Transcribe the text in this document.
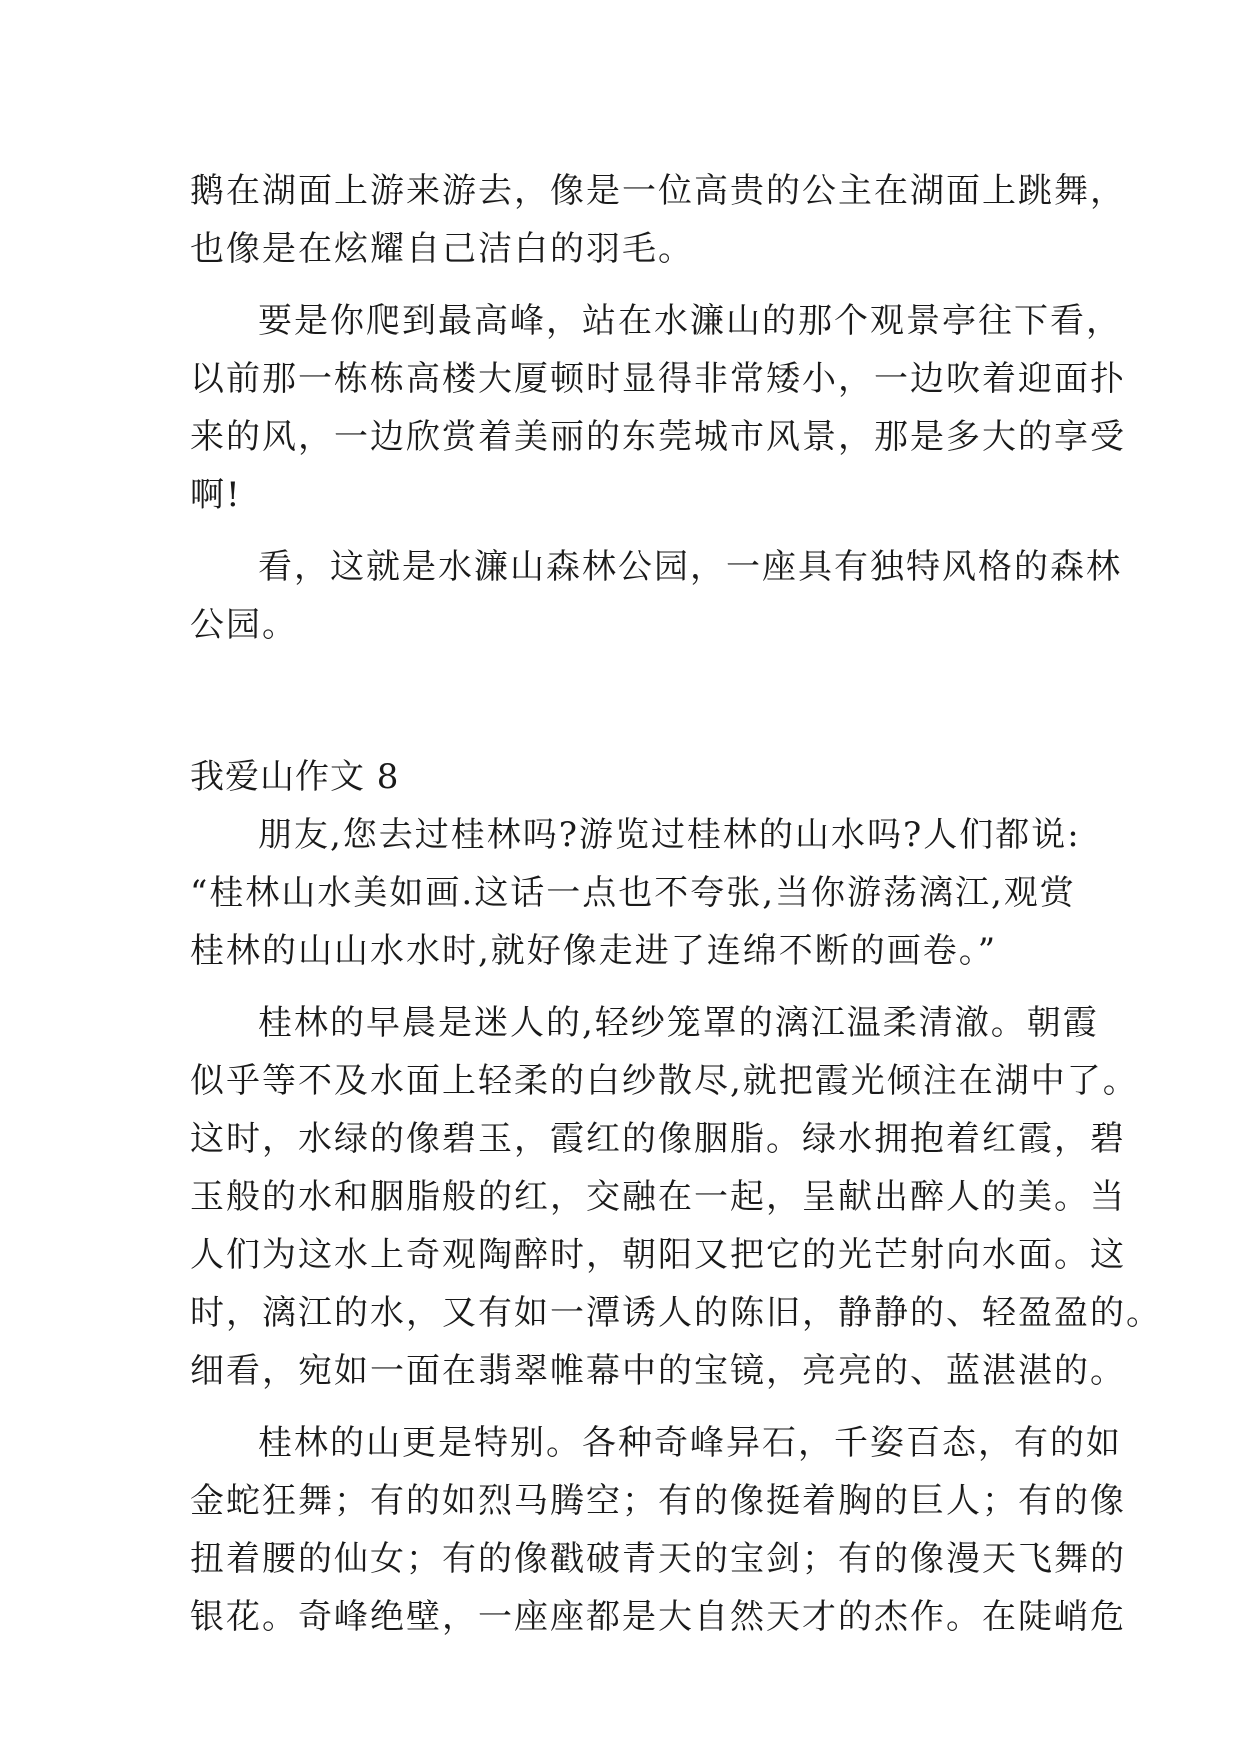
鹅在湖面上游来游去，像是一位高贵的公主在湖面上跳舞，
也像是在炫耀自己洁白的羽毛。
要是你爬到最高峰，站在水濂山的那个观景亭往下看，
以前那一栋栋高楼大厦顿时显得非常矮小，一边吹着迎面扑
来的风，一边欣赏着美丽的东莞城市风景，那是多大的享受
啊!
看，这就是水濂山森林公园，一座具有独特风格的森林
公园。
我爱山作文 8
朋友,您去过桂林吗?游览过桂林的山水吗?人们都说:
“桂林山水美如画.这话一点也不夸张,当你游荡漓江,观赏
桂林的山山水水时,就好像走进了连绵不断的画卷。”
桂林的早晨是迷人的,轻纱笼罩的漓江温柔清澈。朝霞
似乎等不及水面上轻柔的白纱散尽,就把霞光倾注在湖中了。
这时，水绿的像碧玉，霞红的像胭脂。绿水拥抱着红霞，碧
玉般的水和胭脂般的红，交融在一起，呈献出醉人的美。当
人们为这水上奇观陶醉时，朝阳又把它的光芒射向水面。这
时，漓江的水，又有如一潭诱人的陈旧，静静的、轻盈盈的。
细看，宛如一面在翡翠帷幕中的宝镜，亮亮的、蓝湛湛的。
桂林的山更是特别。各种奇峰异石，千姿百态，有的如
金蛇狂舞；有的如烈马腾空；有的像挺着胸的巨人；有的像
扭着腰的仙女；有的像戳破青天的宝剑；有的像漫天飞舞的
银花。奇峰绝壁，一座座都是大自然天才的杰作。在陡峭危
